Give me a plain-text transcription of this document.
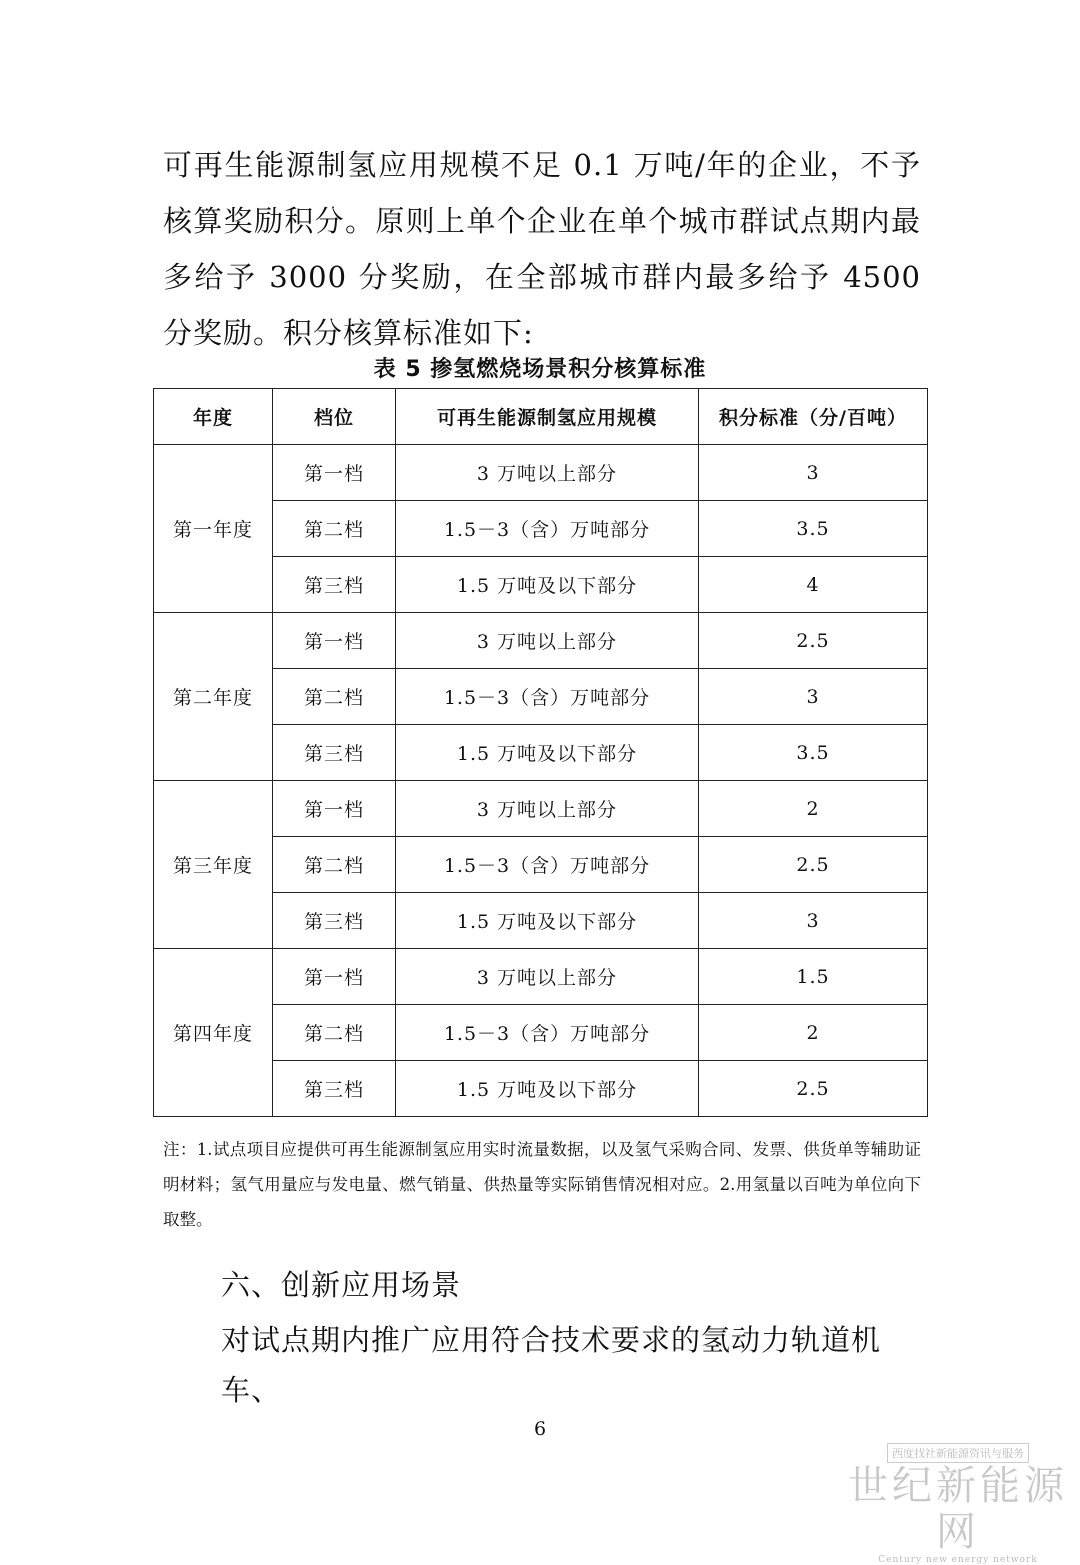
可再生能源制氢应用规模不足 0.1 万吨/年的企业，不予核算奖励积分。原则上单个企业在单个城市群试点期内最多给予 3000 分奖励，在全部城市群内最多给予 4500 分奖励。积分核算标准如下:

表 5 掺氢燃烧场景积分核算标准
年度	档位	可再生能源制氢应用规模	积分标准（分/百吨）
第一年度	第一档	3 万吨以上部分	3
	第二档	1.5－3（含）万吨部分	3.5
	第三档	1.5 万吨及以下部分	4
第二年度	第一档	3 万吨以上部分	2.5
	第二档	1.5－3（含）万吨部分	3
	第三档	1.5 万吨及以下部分	3.5
第三年度	第一档	3 万吨以上部分	2
	第二档	1.5－3（含）万吨部分	2.5
	第三档	1.5 万吨及以下部分	3
第四年度	第一档	3 万吨以上部分	1.5
	第二档	1.5－3（含）万吨部分	2
	第三档	1.5 万吨及以下部分	2.5

注：1.试点项目应提供可再生能源制氢应用实时流量数据，以及氢气采购合同、发票、供货单等辅助证明材料；氢气用量应与发电量、燃气销量、供热量等实际销售情况相对应。2.用氢量以百吨为单位向下取整。

六、创新应用场景

对试点期内推广应用符合技术要求的氢动力轨道机车、

6
西度找社新能源资讯与服务
世纪新能源网
Century new energy network
